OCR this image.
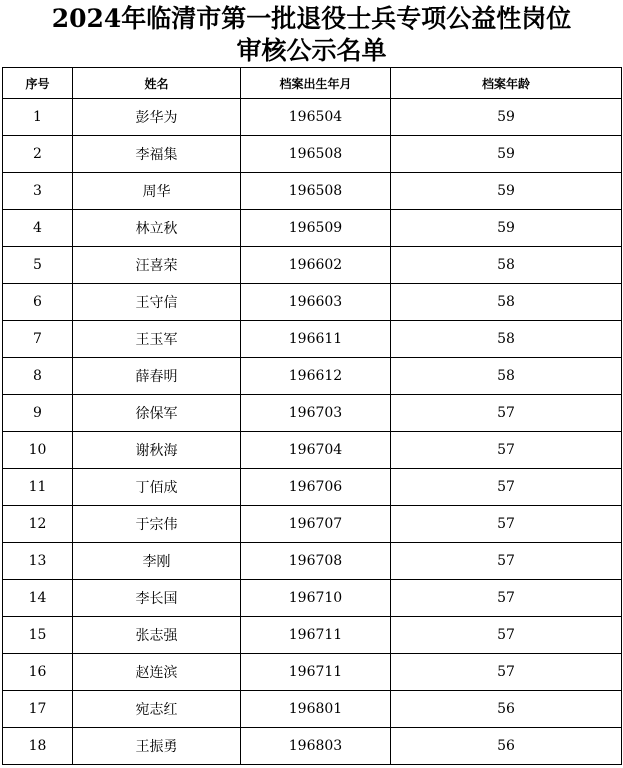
2024年临清市第一批退役士兵专项公益性岗位
审核公示名单
序号	姓名	档案出生年月	档案年龄
1	彭华为	196504	59
2	李福集	196508	59
3	周华	196508	59
4	林立秋	196509	59
5	汪喜荣	196602	58
6	王守信	196603	58
7	王玉军	196611	58
8	薛春明	196612	58
9	徐保军	196703	57
10	谢秋海	196704	57
11	丁佰成	196706	57
12	于宗伟	196707	57
13	李刚	196708	57
14	李长国	196710	57
15	张志强	196711	57
16	赵连滨	196711	57
17	宛志红	196801	56
18	王振勇	196803	56
